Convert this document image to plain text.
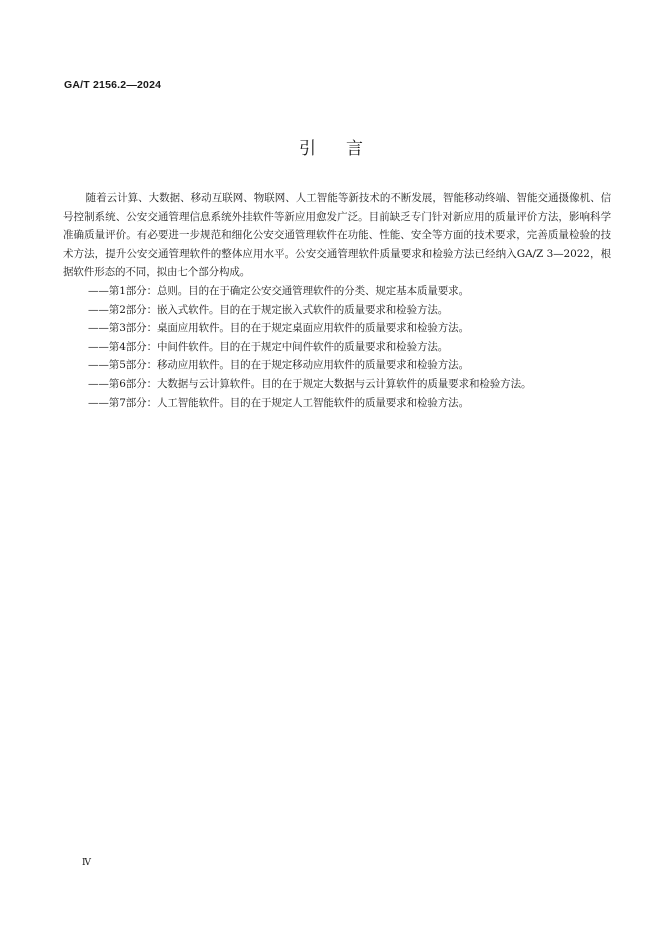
GA/T 2156.2—2024
引言

随着云计算、大数据、移动互联网、物联网、人工智能等新技术的不断发展，智能移动终端、智能交通摄像机、信号控制系统、公安交通管理信息系统外挂软件等新应用愈发广泛。目前缺乏专门针对新应用的质量评价方法，影响科学准确质量评价。有必要进一步规范和细化公安交通管理软件在功能、性能、安全等方面的技术要求，完善质量检验的技术方法，提升公安交通管理软件的整体应用水平。公安交通管理软件质量要求和检验方法已经纳入GA/Z 3—2022，根据软件形态的不同，拟由七个部分构成。

——第1部分：总则。目的在于确定公安交通管理软件的分类、规定基本质量要求。
——第2部分：嵌入式软件。目的在于规定嵌入式软件的质量要求和检验方法。
——第3部分：桌面应用软件。目的在于规定桌面应用软件的质量要求和检验方法。
——第4部分：中间件软件。目的在于规定中间件软件的质量要求和检验方法。
——第5部分：移动应用软件。目的在于规定移动应用软件的质量要求和检验方法。
——第6部分：大数据与云计算软件。目的在于规定大数据与云计算软件的质量要求和检验方法。
——第7部分：人工智能软件。目的在于规定人工智能软件的质量要求和检验方法。
Ⅳ
